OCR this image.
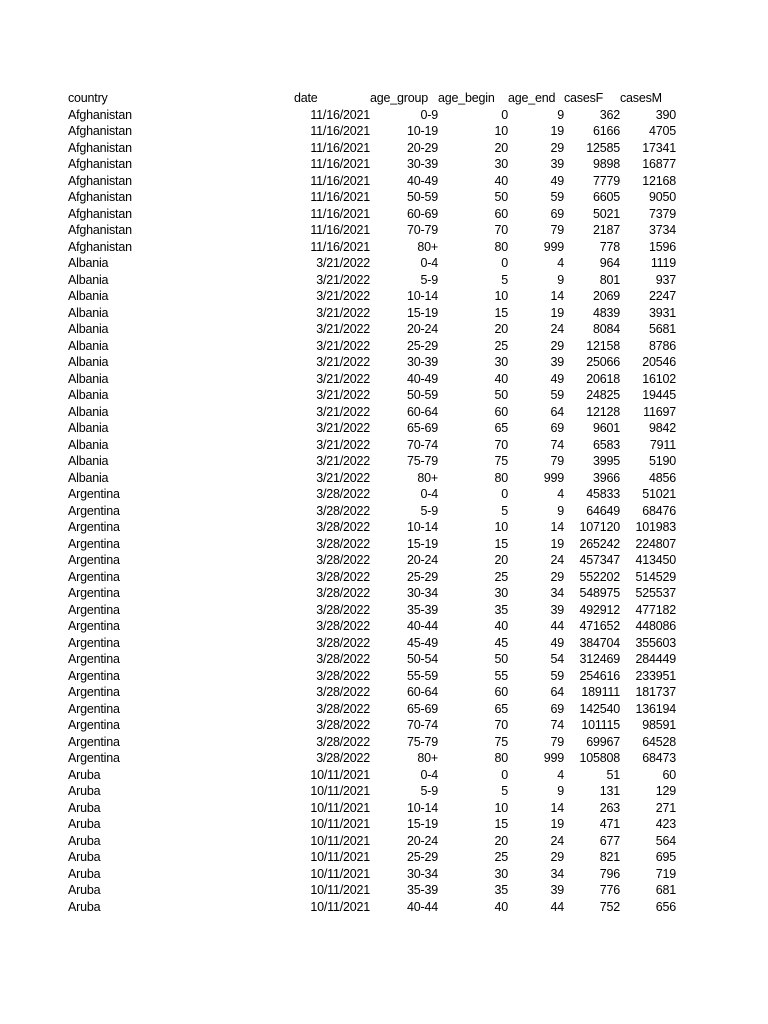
country	date	age_group	age_begin	age_end	casesF	casesM
Afghanistan	11/16/2021	0-9	0	9	362	390
Afghanistan	11/16/2021	10-19	10	19	6166	4705
Afghanistan	11/16/2021	20-29	20	29	12585	17341
Afghanistan	11/16/2021	30-39	30	39	9898	16877
Afghanistan	11/16/2021	40-49	40	49	7779	12168
Afghanistan	11/16/2021	50-59	50	59	6605	9050
Afghanistan	11/16/2021	60-69	60	69	5021	7379
Afghanistan	11/16/2021	70-79	70	79	2187	3734
Afghanistan	11/16/2021	80+	80	999	778	1596
Albania	3/21/2022	0-4	0	4	964	1119
Albania	3/21/2022	5-9	5	9	801	937
Albania	3/21/2022	10-14	10	14	2069	2247
Albania	3/21/2022	15-19	15	19	4839	3931
Albania	3/21/2022	20-24	20	24	8084	5681
Albania	3/21/2022	25-29	25	29	12158	8786
Albania	3/21/2022	30-39	30	39	25066	20546
Albania	3/21/2022	40-49	40	49	20618	16102
Albania	3/21/2022	50-59	50	59	24825	19445
Albania	3/21/2022	60-64	60	64	12128	11697
Albania	3/21/2022	65-69	65	69	9601	9842
Albania	3/21/2022	70-74	70	74	6583	7911
Albania	3/21/2022	75-79	75	79	3995	5190
Albania	3/21/2022	80+	80	999	3966	4856
Argentina	3/28/2022	0-4	0	4	45833	51021
Argentina	3/28/2022	5-9	5	9	64649	68476
Argentina	3/28/2022	10-14	10	14	107120	101983
Argentina	3/28/2022	15-19	15	19	265242	224807
Argentina	3/28/2022	20-24	20	24	457347	413450
Argentina	3/28/2022	25-29	25	29	552202	514529
Argentina	3/28/2022	30-34	30	34	548975	525537
Argentina	3/28/2022	35-39	35	39	492912	477182
Argentina	3/28/2022	40-44	40	44	471652	448086
Argentina	3/28/2022	45-49	45	49	384704	355603
Argentina	3/28/2022	50-54	50	54	312469	284449
Argentina	3/28/2022	55-59	55	59	254616	233951
Argentina	3/28/2022	60-64	60	64	189111	181737
Argentina	3/28/2022	65-69	65	69	142540	136194
Argentina	3/28/2022	70-74	70	74	101115	98591
Argentina	3/28/2022	75-79	75	79	69967	64528
Argentina	3/28/2022	80+	80	999	105808	68473
Aruba	10/11/2021	0-4	0	4	51	60
Aruba	10/11/2021	5-9	5	9	131	129
Aruba	10/11/2021	10-14	10	14	263	271
Aruba	10/11/2021	15-19	15	19	471	423
Aruba	10/11/2021	20-24	20	24	677	564
Aruba	10/11/2021	25-29	25	29	821	695
Aruba	10/11/2021	30-34	30	34	796	719
Aruba	10/11/2021	35-39	35	39	776	681
Aruba	10/11/2021	40-44	40	44	752	656
